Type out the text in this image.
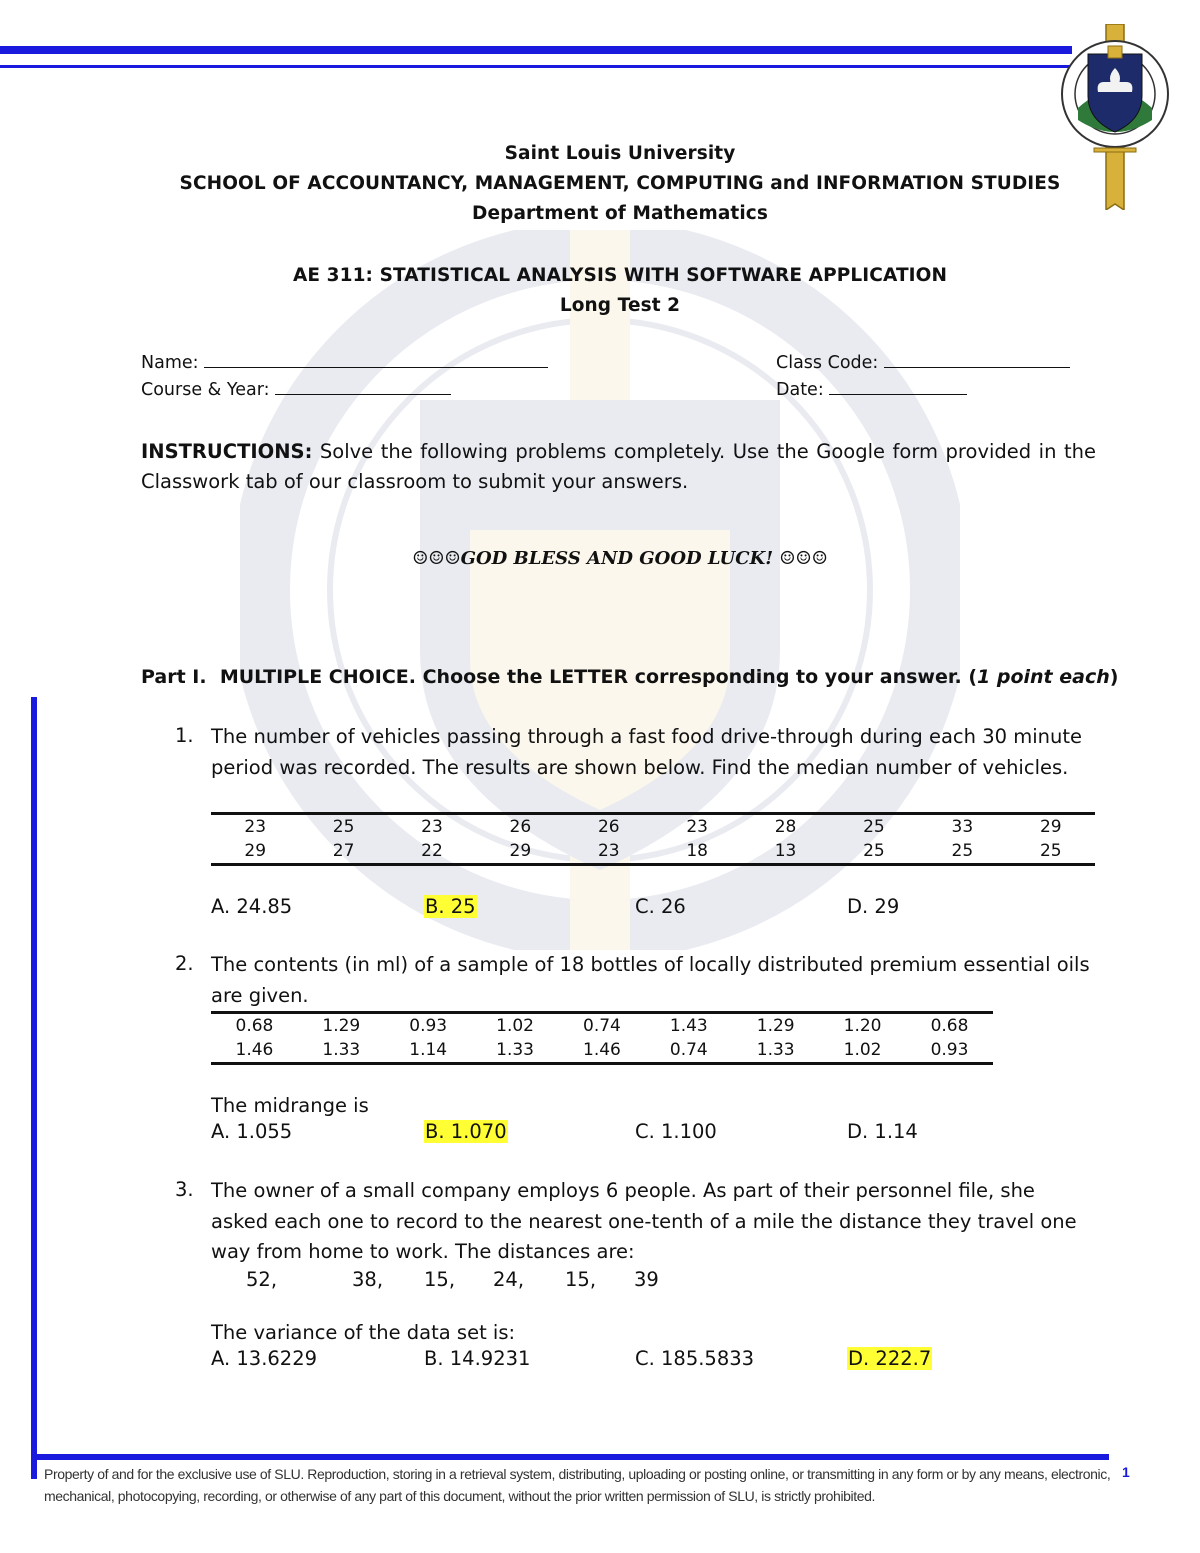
Saint Louis University
SCHOOL OF ACCOUNTANCY, MANAGEMENT, COMPUTING and INFORMATION STUDIES
Department of Mathematics
AE 311: STATISTICAL ANALYSIS WITH SOFTWARE APPLICATION
Long Test 2
Name:	Class Code:
Course & Year:	Date:
INSTRUCTIONS: Solve the following problems completely. Use the Google form provided in the Classwork tab of our classroom to submit your answers.
☺☺☺GOD BLESS AND GOOD LUCK! ☺☺☺
Part I. MULTIPLE CHOICE. Choose the LETTER corresponding to your answer. (1 point each)
1. The number of vehicles passing through a fast food drive-through during each 30 minute period was recorded. The results are shown below. Find the median number of vehicles.
23	25	23	26	26	23	28	25	33	29
29	27	22	29	23	18	13	25	25	25
A. 24.85	B. 25	C. 26	D. 29
2. The contents (in ml) of a sample of 18 bottles of locally distributed premium essential oils are given.
0.68	1.29	0.93	1.02	0.74	1.43	1.29	1.20	0.68
1.46	1.33	1.14	1.33	1.46	0.74	1.33	1.02	0.93
The midrange is
A. 1.055	B. 1.070	C. 1.100	D. 1.14
3. The owner of a small company employs 6 people. As part of their personnel file, she asked each one to record to the nearest one-tenth of a mile the distance they travel one way from home to work. The distances are:
52,	38, 15, 24, 15, 39
The variance of the data set is:
A. 13.6229	B. 14.9231	C. 185.5833	D. 222.7
Property of and for the exclusive use of SLU. Reproduction, storing in a retrieval system, distributing, uploading or posting online, or transmitting in any form or by any means, electronic, mechanical, photocopying, recording, or otherwise of any part of this document, without the prior written permission of SLU, is strictly prohibited.
1
